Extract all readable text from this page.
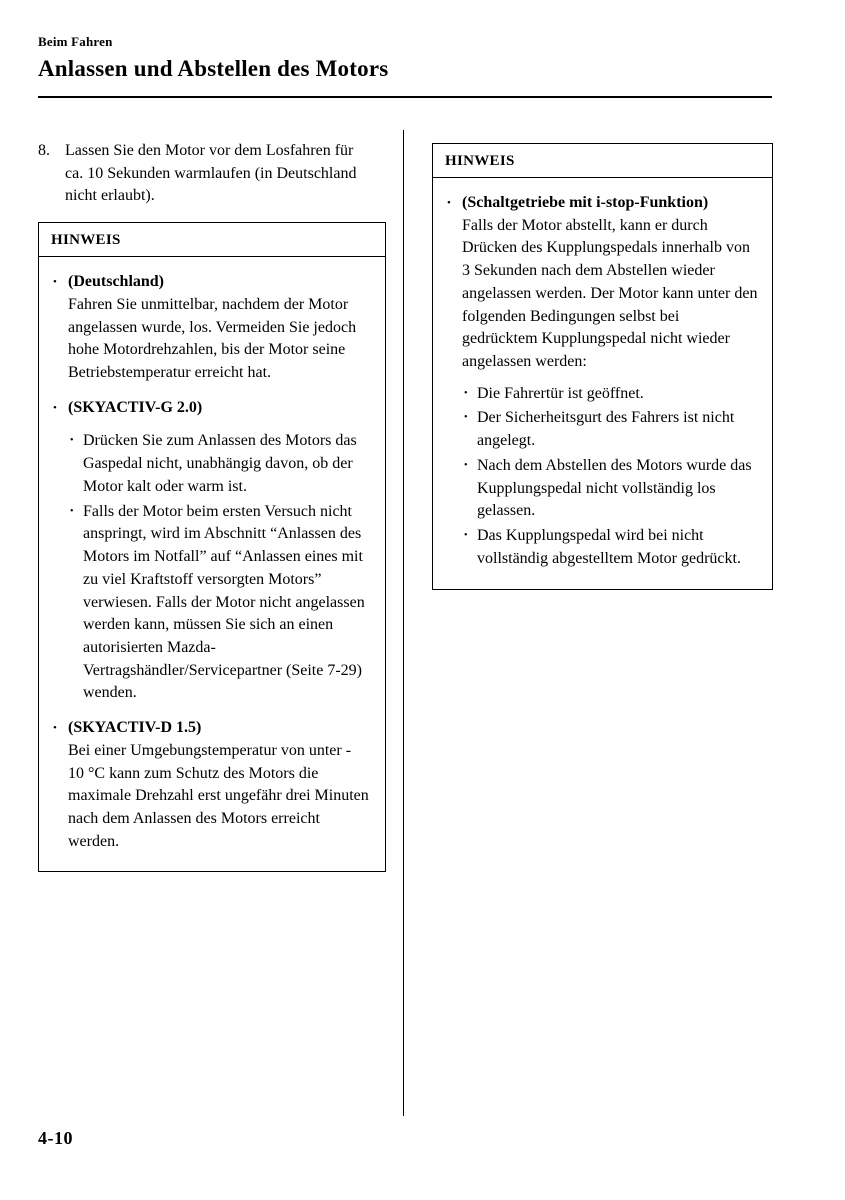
Beim Fahren
Anlassen und Abstellen des Motors
8. Lassen Sie den Motor vor dem Losfahren für ca. 10 Sekunden warmlaufen (in Deutschland nicht erlaubt).
HINWEIS
•
(Deutschland)
Fahren Sie unmittelbar, nachdem der Motor angelassen wurde, los. Vermeiden Sie jedoch hohe Motordrehzahlen, bis der Motor seine Betriebstemperatur erreicht hat.
•
(SKYACTIV-G 2.0)
•
Drücken Sie zum Anlassen des Motors das Gaspedal nicht, unabhängig davon, ob der Motor kalt oder warm ist.
•
Falls der Motor beim ersten Versuch nicht anspringt, wird im Abschnitt “Anlassen des Motors im Notfall” auf “Anlassen eines mit zu viel Kraftstoff versorgten Motors” verwiesen. Falls der Motor nicht angelassen werden kann, müssen Sie sich an einen autorisierten Mazda-Vertragshändler/Servicepartner (Seite 7-29) wenden.
•
(SKYACTIV-D 1.5)
Bei einer Umgebungstemperatur von unter - 10 °C kann zum Schutz des Motors die maximale Drehzahl erst ungefähr drei Minuten nach dem Anlassen des Motors erreicht werden.
HINWEIS
•
(Schaltgetriebe mit i-stop-Funktion)
Falls der Motor abstellt, kann er durch Drücken des Kupplungspedals innerhalb von 3 Sekunden nach dem Abstellen wieder angelassen werden. Der Motor kann unter den folgenden Bedingungen selbst bei gedrücktem Kupplungspedal nicht wieder angelassen werden:
•
Die Fahrertür ist geöffnet.
•
Der Sicherheitsgurt des Fahrers ist nicht angelegt.
•
Nach dem Abstellen des Motors wurde das Kupplungspedal nicht vollständig los gelassen.
•
Das Kupplungspedal wird bei nicht vollständig abgestelltem Motor gedrückt.
4-10
